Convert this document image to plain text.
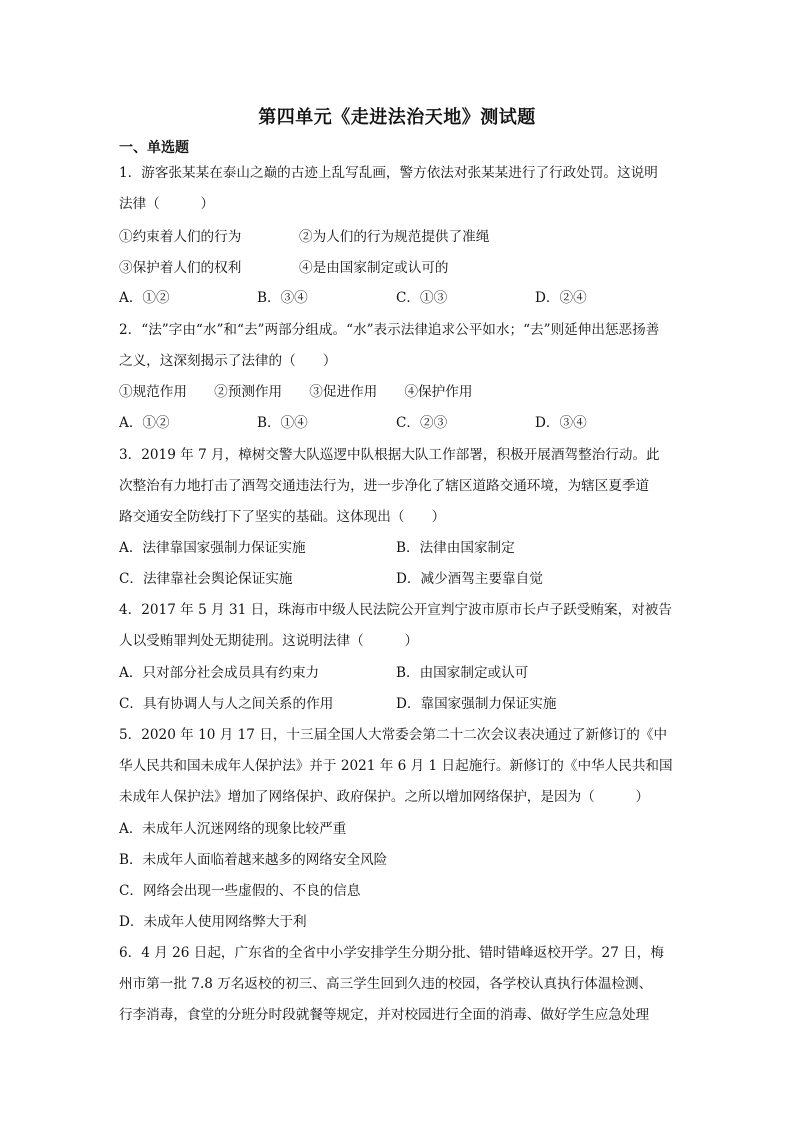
第四单元《走进法治天地》测试题
一、单选题
1．游客张某某在泰山之巅的古迹上乱写乱画，警方依法对张某某进行了行政处罚。这说明
法律（　　　）
①约束着人们的行为	②为人们的行为规范提供了准绳
③保护着人们的权利	④是由国家制定或认可的
A．①②	B．③④	C．①③	D．②④
2．“法”字由“水”和“去”两部分组成。“水”表示法律追求公平如水；“去”则延伸出惩恶扬善
之义，这深刻揭示了法律的（　　）
①规范作用　　②预测作用　　③促进作用　　④保护作用
A．①②	B．①④	C．②③	D．③④
3．2019 年 7 月，樟树交警大队巡逻中队根据大队工作部署，积极开展酒驾整治行动。此
次整治有力地打击了酒驾交通违法行为，进一步净化了辖区道路交通环境，为辖区夏季道
路交通安全防线打下了坚实的基础。这体现出（　　）
A．法律靠国家强制力保证实施	B．法律由国家制定
C．法律靠社会舆论保证实施	D．减少酒驾主要靠自觉
4．2017 年 5 月 31 日，珠海市中级人民法院公开宣判宁波市原市长卢子跃受贿案，对被告
人以受贿罪判处无期徒刑。这说明法律（　　　）
A．只对部分社会成员具有约束力	B．由国家制定或认可
C．具有协调人与人之间关系的作用	D．靠国家强制力保证实施
5．2020 年 10 月 17 日，十三届全国人大常委会第二十二次会议表决通过了新修订的《中
华人民共和国未成年人保护法》并于 2021 年 6 月 1 日起施行。新修订的《中华人民共和国
未成年人保护法》增加了网络保护、政府保护。之所以增加网络保护，是因为（　　　）
A．未成年人沉迷网络的现象比较严重
B．未成年人面临着越来越多的网络安全风险
C．网络会出现一些虚假的、不良的信息
D．未成年人使用网络弊大于利
6．4 月 26 日起，广东省的全省中小学安排学生分期分批、错时错峰返校开学。27 日，梅
州市第一批 7.8 万名返校的初三、高三学生回到久违的校园，各学校认真执行体温检测、
行李消毒，食堂的分班分时段就餐等规定，并对校园进行全面的消毒、做好学生应急处理
